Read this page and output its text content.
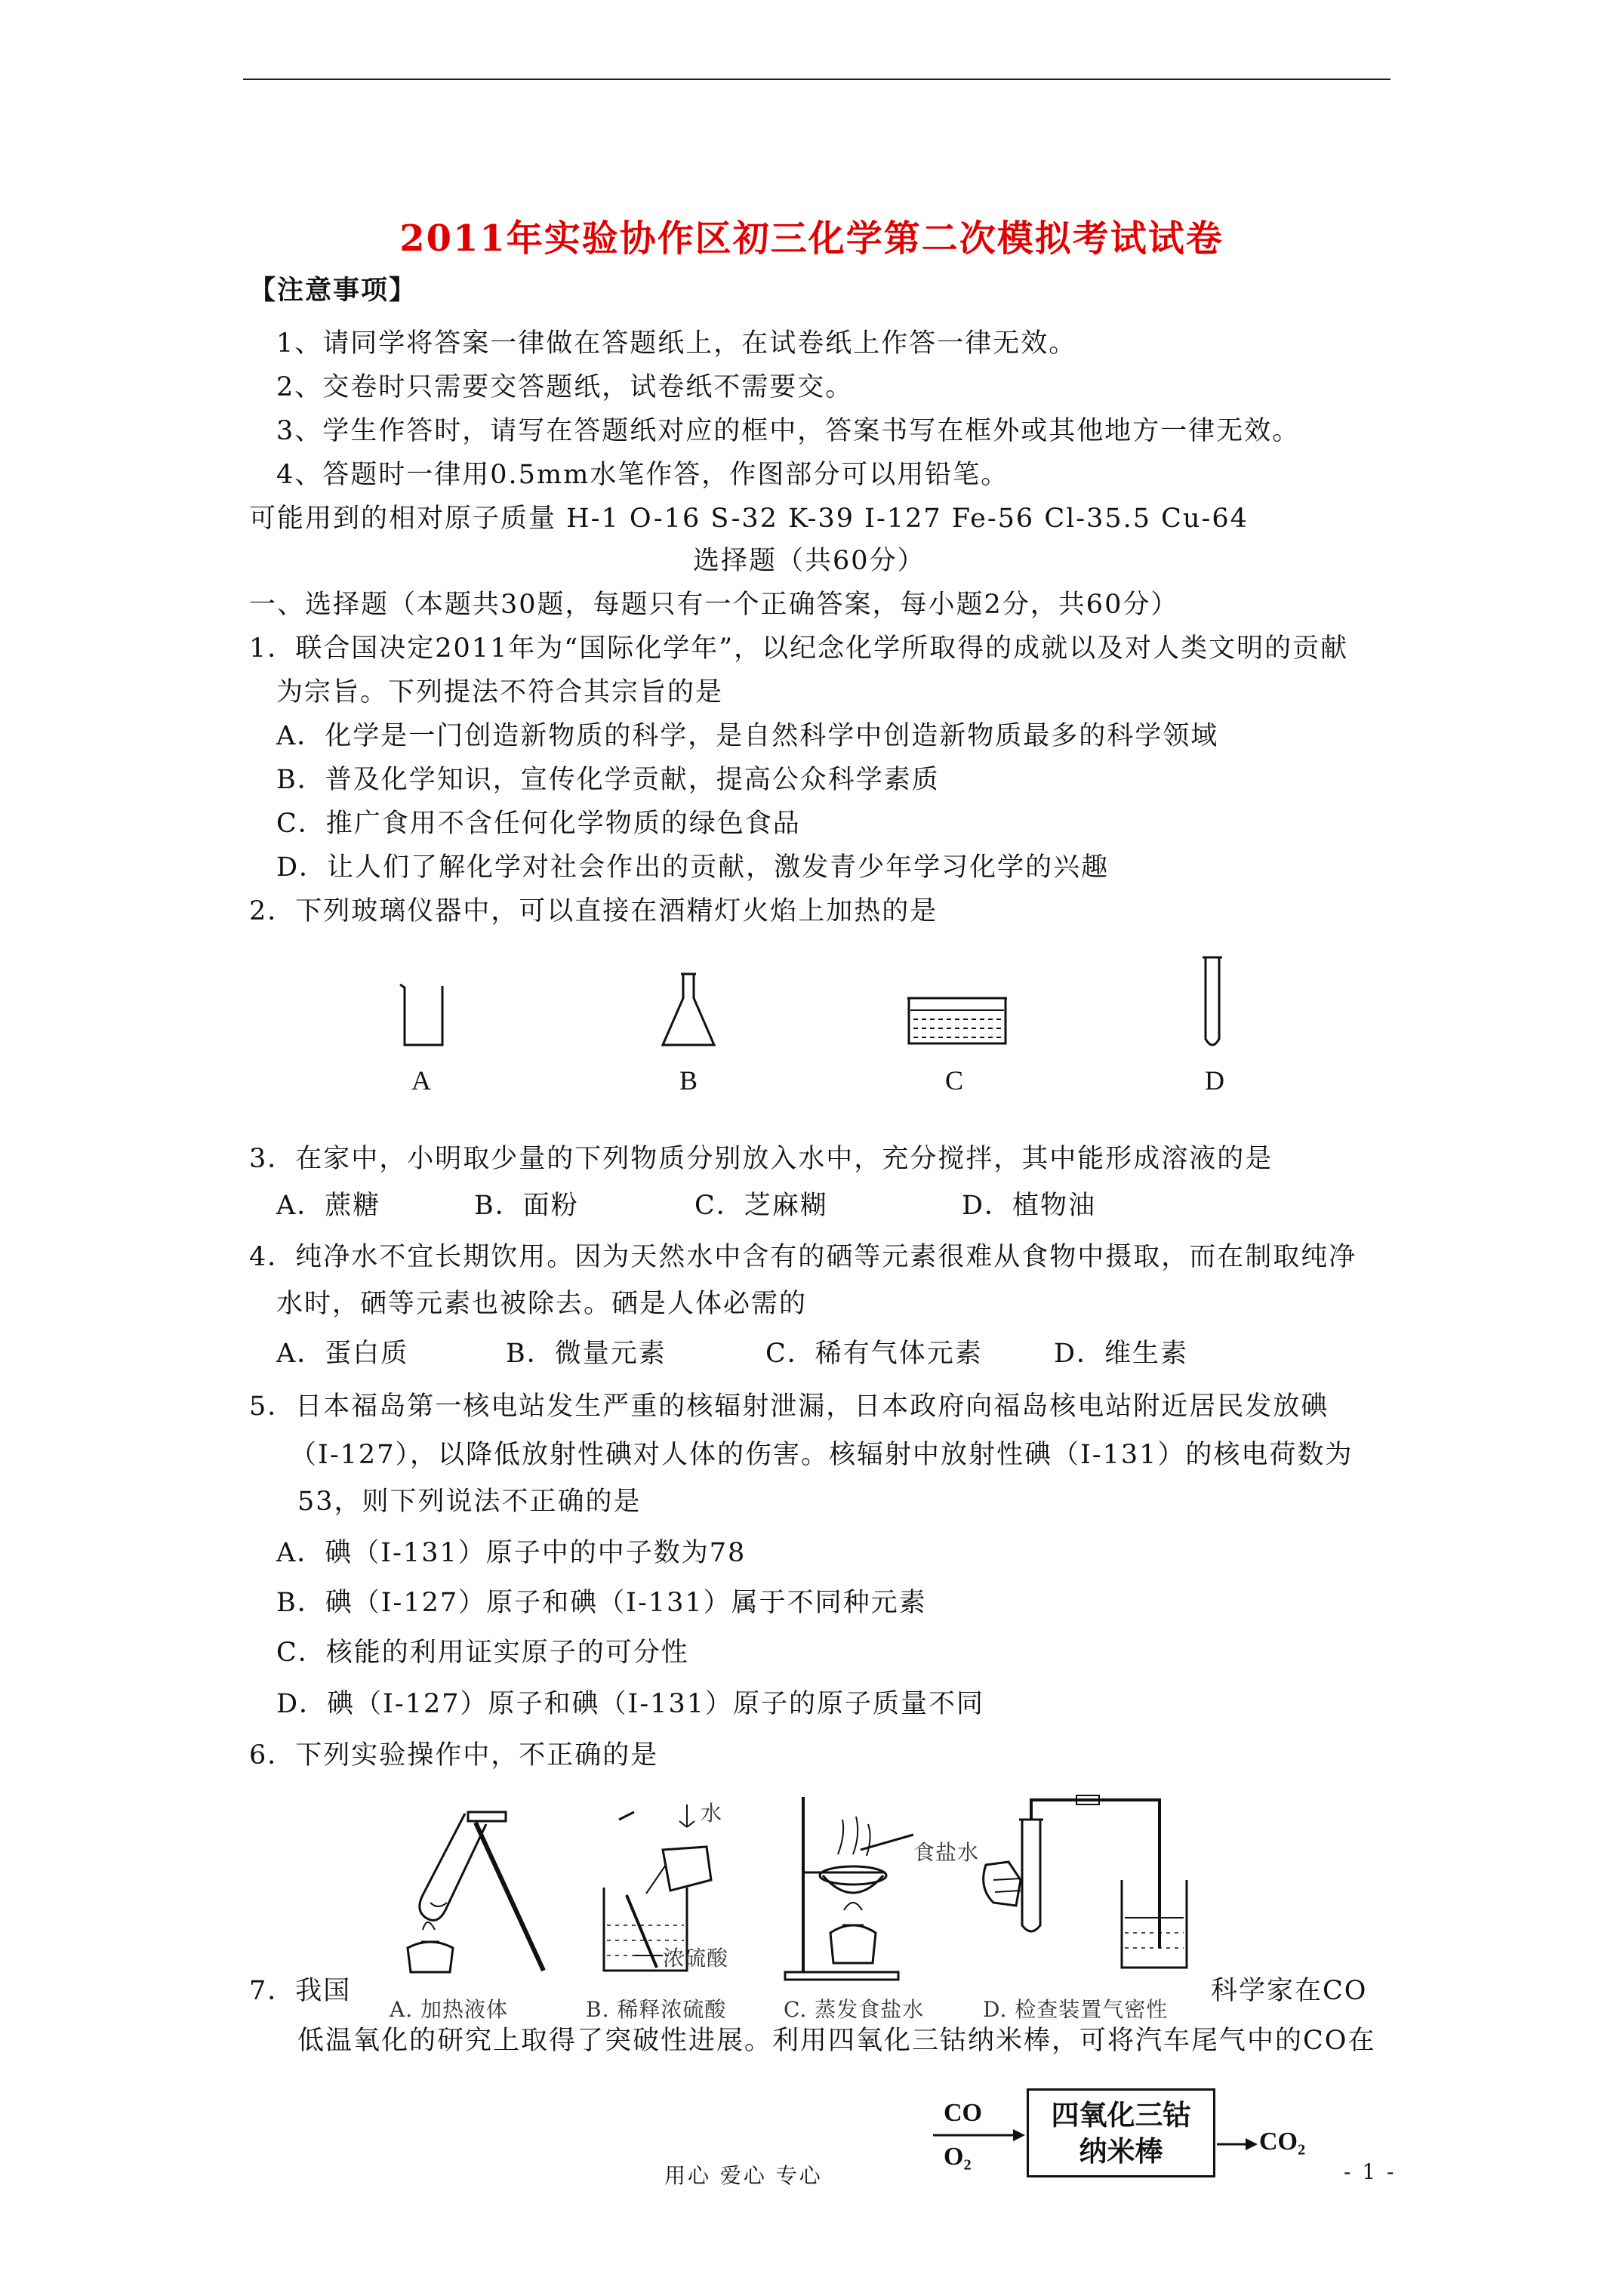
2011年实验协作区初三化学第二次模拟考试试卷
【注意事项】
1、请同学将答案一律做在答题纸上，在试卷纸上作答一律无效。
2、交卷时只需要交答题纸，试卷纸不需要交。
3、学生作答时，请写在答题纸对应的框中，答案书写在框外或其他地方一律无效。
4、答题时一律用0.5mm水笔作答，作图部分可以用铅笔。
可能用到的相对原子质量 H-1 O-16 S-32 K-39 I-127 Fe-56 Cl-35.5 Cu-64
选择题（共60分）
一、选择题（本题共30题，每题只有一个正确答案，每小题2分，共60分）
1．联合国决定2011年为“国际化学年”，以纪念化学所取得的成就以及对人类文明的贡献
为宗旨。下列提法不符合其宗旨的是
A．化学是一门创造新物质的科学，是自然科学中创造新物质最多的科学领域
B．普及化学知识，宣传化学贡献，提高公众科学素质
C．推广食用不含任何化学物质的绿色食品
D．让人们了解化学对社会作出的贡献，激发青少年学习化学的兴趣
2．下列玻璃仪器中，可以直接在酒精灯火焰上加热的是
A	B	C	D
3．在家中，小明取少量的下列物质分别放入水中，充分搅拌，其中能形成溶液的是
A．蔗糖	B．面粉	C．芝麻糊	D．植物油
4．纯净水不宜长期饮用。因为天然水中含有的硒等元素很难从食物中摄取，而在制取纯净
水时，硒等元素也被除去。硒是人体必需的
A．蛋白质	B．微量元素	C．稀有气体元素	D．维生素
5．日本福岛第一核电站发生严重的核辐射泄漏，日本政府向福岛核电站附近居民发放碘
（I-127），以降低放射性碘对人体的伤害。核辐射中放射性碘（I-131）的核电荷数为
53，则下列说法不正确的是
A．碘（I-131）原子中的中子数为78
B．碘（I-127）原子和碘（I-131）属于不同种元素
C．核能的利用证实原子的可分性
D．碘（I-127）原子和碘（I-131）原子的原子质量不同
6．下列实验操作中，不正确的是
水
浓硫酸
食盐水
A. 加热液体	B. 稀释浓硫酸	C. 蒸发食盐水	D. 检查装置气密性
7．我国	科学家在CO
低温氧化的研究上取得了突破性进展。利用四氧化三钴纳米棒，可将汽车尾气中的CO在
CO
O₂
四氧化三钴
纳米棒	CO₂
用心 爱心 专心	- 1 -
